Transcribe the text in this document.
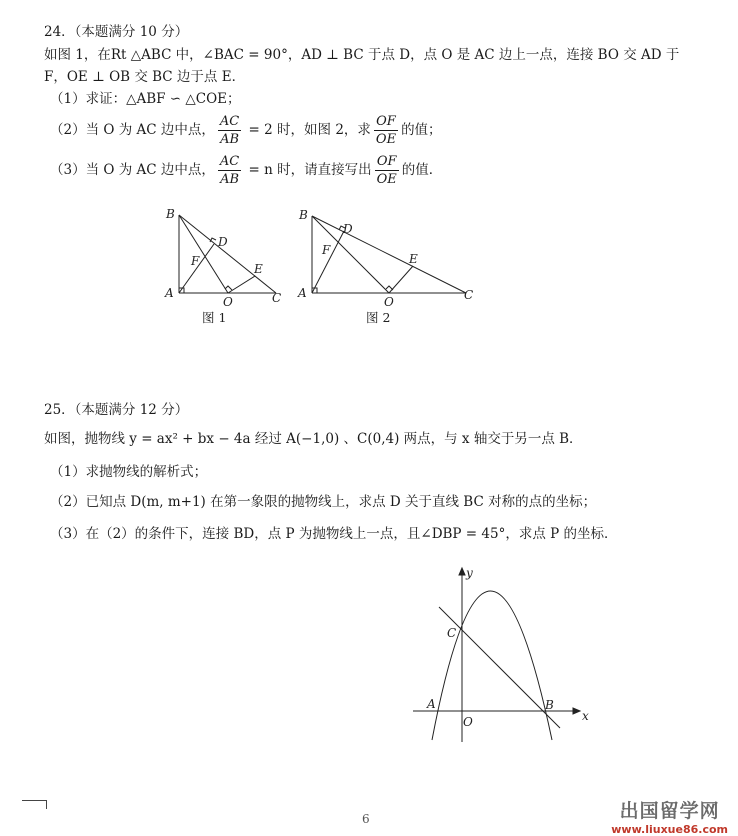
24．（本题满分 10 分）
如图 1，在Rt △ABC 中，∠BAC = 90°，AD ⊥ BC 于点 D，点 O 是 AC 边上一点，连接 BO 交 AD 于
F，OE ⊥ OB 交 BC 边于点 E．
（1）求证：△ABF ∽ △COE；
（2）当 O 为 AC 边中点， $\frac{AC}{AB} = 2$ 时，如图 2，求 $\frac{OF}{OE}$ 的值；
（3）当 O 为 AC 边中点， $\frac{AC}{AB} = n$ 时，请直接写出 $\frac{OF}{OE}$ 的值．
B
D
F
E
A
O	C
图 1
B
D
F
E
A
O	C
图 2
25．（本题满分 12 分）
如图，抛物线 y = ax² + bx − 4a 经过 A(−1,0) 、C(0,4) 两点，与 x 轴交于另一点 B．
（1）求抛物线的解析式；
（2）已知点 D(m, m+1) 在第一象限的抛物线上，求点 D 关于直线 BC 对称的点的坐标；
（3）在（2）的条件下，连接 BD，点 P 为抛物线上一点，且∠DBP = 45°，求点 P 的坐标．
y
x
C
A
O
B
6	出国留学网
www.liuxue86.com
